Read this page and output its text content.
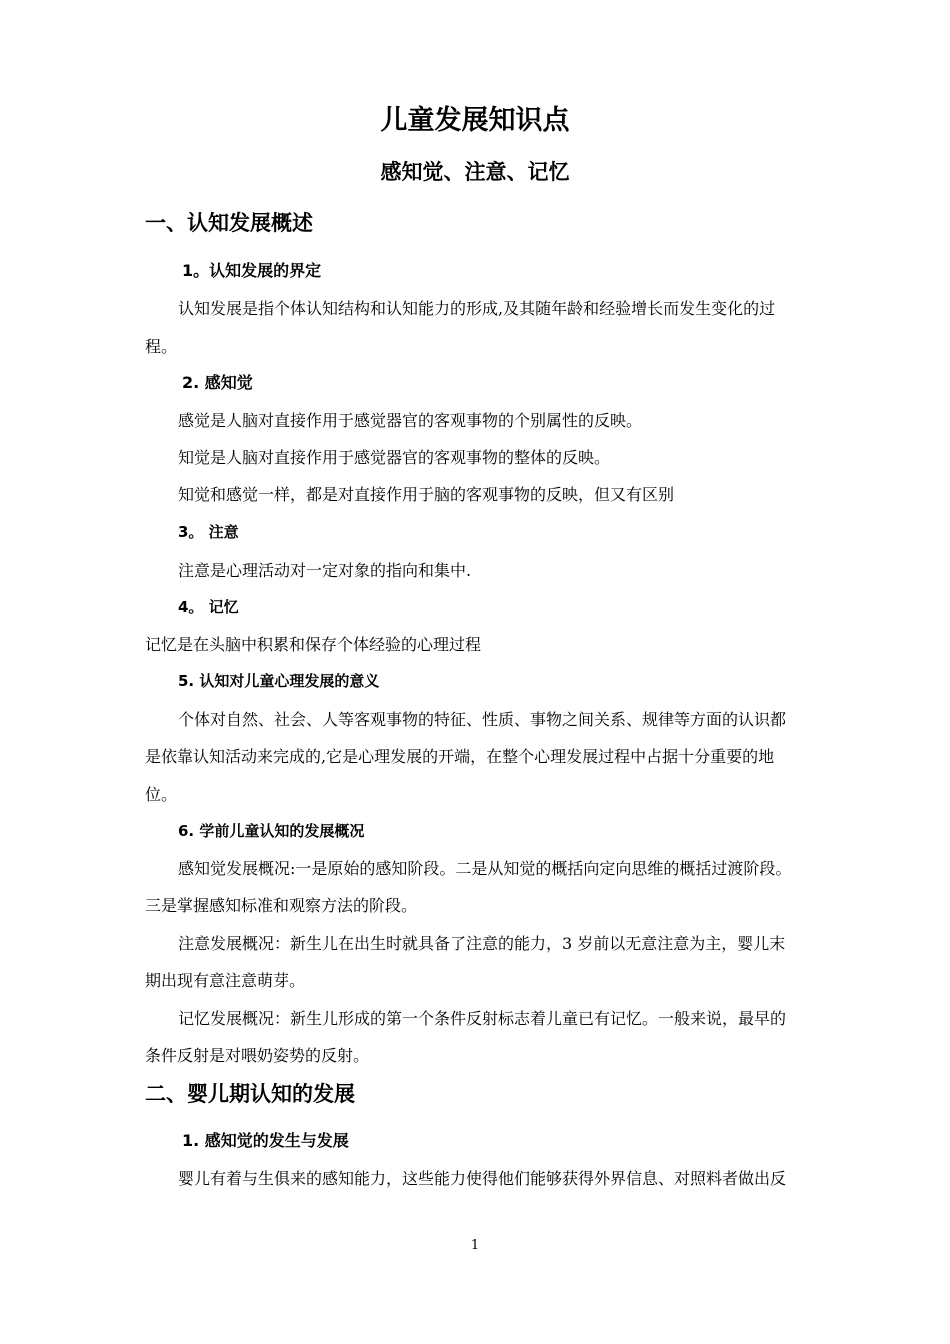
儿童发展知识点
感知觉、注意、记忆
一、认知发展概述
1。认知发展的界定
认知发展是指个体认知结构和认知能力的形成,及其随年龄和经验增长而发生变化的过
程。
2. 感知觉
感觉是人脑对直接作用于感觉器官的客观事物的个别属性的反映。
知觉是人脑对直接作用于感觉器官的客观事物的整体的反映。
知觉和感觉一样，都是对直接作用于脑的客观事物的反映，但又有区别
3。 注意
注意是心理活动对一定对象的指向和集中.
4。 记忆
记忆是在头脑中积累和保存个体经验的心理过程
5. 认知对儿童心理发展的意义
个体对自然、社会、人等客观事物的特征、性质、事物之间关系、规律等方面的认识都
是依靠认知活动来完成的,它是心理发展的开端，在整个心理发展过程中占据十分重要的地
位。
6. 学前儿童认知的发展概况
感知觉发展概况:一是原始的感知阶段。二是从知觉的概括向定向思维的概括过渡阶段。
三是掌握感知标准和观察方法的阶段。
注意发展概况：新生儿在出生时就具备了注意的能力，3 岁前以无意注意为主，婴儿末
期出现有意注意萌芽。
记忆发展概况：新生儿形成的第一个条件反射标志着儿童已有记忆。一般来说，最早的
条件反射是对喂奶姿势的反射。
二、婴儿期认知的发展
1. 感知觉的发生与发展
婴儿有着与生俱来的感知能力，这些能力使得他们能够获得外界信息、对照料者做出反
1
